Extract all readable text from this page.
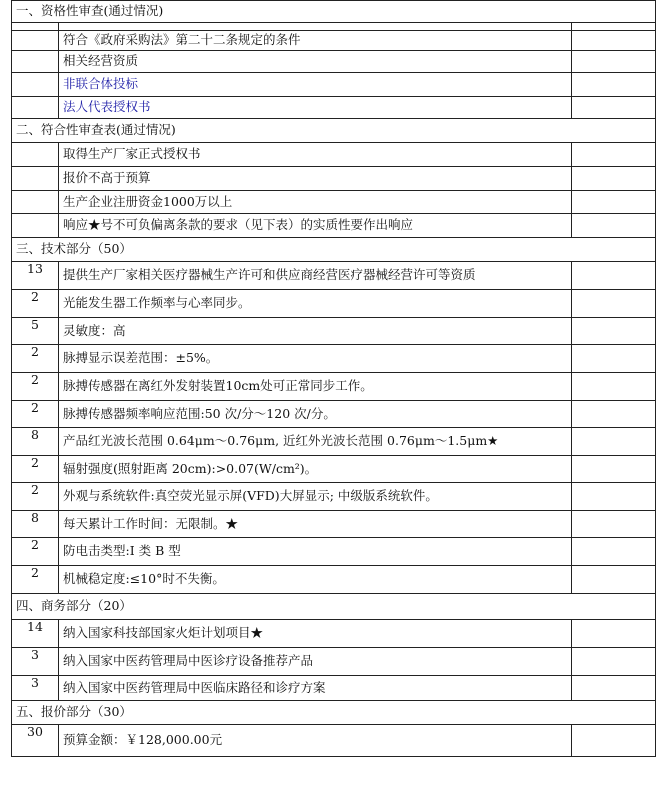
一、资格性审查(通过情况)		

	符合《政府采购法》第二十二条规定的条件	
	相关经营资质	
	非联合体投标	
	法人代表授权书	
二、符合性审查表(通过情况)		
	取得生产厂家正式授权书	
	报价不高于预算	
	生产企业注册资金1000万以上	
	响应★号不可负偏离条款的要求（见下表）的实质性要作出响应	
三、技术部分（50）		
13	提供生产厂家相关医疗器械生产许可和供应商经营医疗器械经营许可等资质	
2	光能发生器工作频率与心率同步。	
5	灵敏度：高	
2	脉搏显示误差范围：±5%。	
2	脉搏传感器在离红外发射装置10cm处可正常同步工作。	
2	脉搏传感器频率响应范围:50 次/分～120 次/分。	
8	产品红光波长范围 0.64μm～0.76μm, 近红外光波长范围 0.76μm～1.5μm★	
2	辐射强度(照射距离 20cm):>0.07(W/cm²)。	
2	外观与系统软件:真空荧光显示屏(VFD)大屏显示; 中级版系统软件。	
8	每天累计工作时间：无限制。★	
2	防电击类型:I 类 B 型	
2	机械稳定度:≤10°时不失衡。	
四、商务部分（20）		
14	纳入国家科技部国家火炬计划项目★	
3	纳入国家中医药管理局中医诊疗设备推荐产品	
3	纳入国家中医药管理局中医临床路径和诊疗方案	
五、报价部分（30）		
30	预算金额：￥128,000.00元	
